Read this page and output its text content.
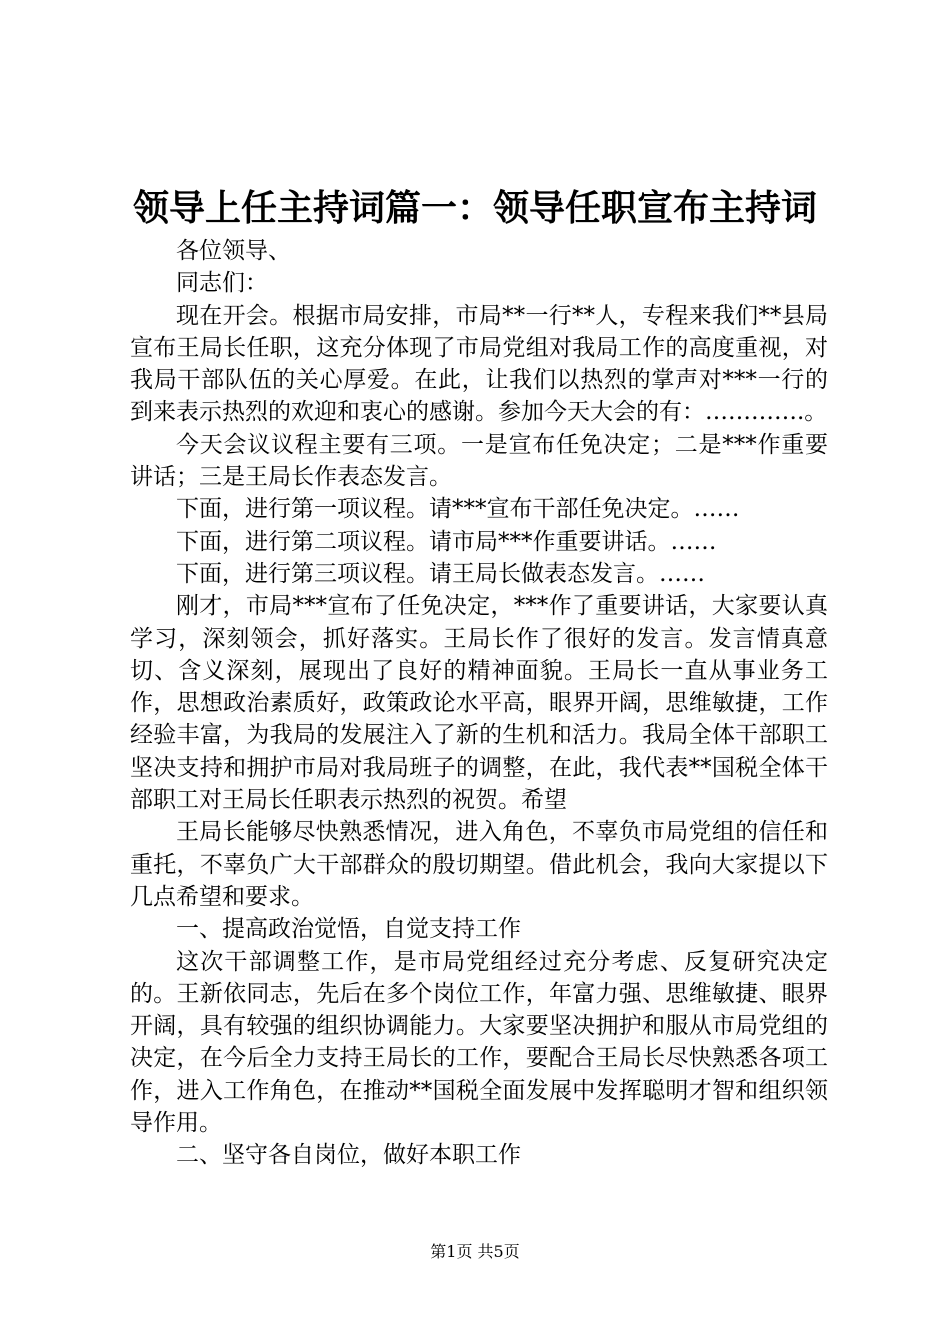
领导上任主持词篇一：领导任职宣布主持词

各位领导、

同志们：

现在开会。根据市局安排，市局**一行**人，专程来我们**县局宣布王局长任职，这充分体现了市局党组对我局工作的高度重视，对我局干部队伍的关心厚爱。在此，让我们以热烈的掌声对***一行的到来表示热烈的欢迎和衷心的感谢。参加今天大会的有：………….。

今天会议议程主要有三项。一是宣布任免决定；二是***作重要讲话；三是王局长作表态发言。

下面，进行第一项议程。请***宣布干部任免决定。……

下面，进行第二项议程。请市局***作重要讲话。……

下面，进行第三项议程。请王局长做表态发言。……

刚才，市局***宣布了任免决定，***作了重要讲话，大家要认真学习，深刻领会，抓好落实。王局长作了很好的发言。发言情真意切、含义深刻，展现出了良好的精神面貌。王局长一直从事业务工作，思想政治素质好，政策政论水平高，眼界开阔，思维敏捷，工作经验丰富，为我局的发展注入了新的生机和活力。我局全体干部职工坚决支持和拥护市局对我局班子的调整，在此，我代表**国税全体干部职工对王局长任职表示热烈的祝贺。希望

王局长能够尽快熟悉情况，进入角色，不辜负市局党组的信任和重托，不辜负广大干部群众的殷切期望。借此机会，我向大家提以下几点希望和要求。

一、提高政治觉悟，自觉支持工作

这次干部调整工作，是市局党组经过充分考虑、反复研究决定的。王新依同志，先后在多个岗位工作，年富力强、思维敏捷、眼界开阔，具有较强的组织协调能力。大家要坚决拥护和服从市局党组的决定，在今后全力支持王局长的工作，要配合王局长尽快熟悉各项工作，进入工作角色，在推动**国税全面发展中发挥聪明才智和组织领导作用。

二、坚守各自岗位，做好本职工作

第1页 共5页
